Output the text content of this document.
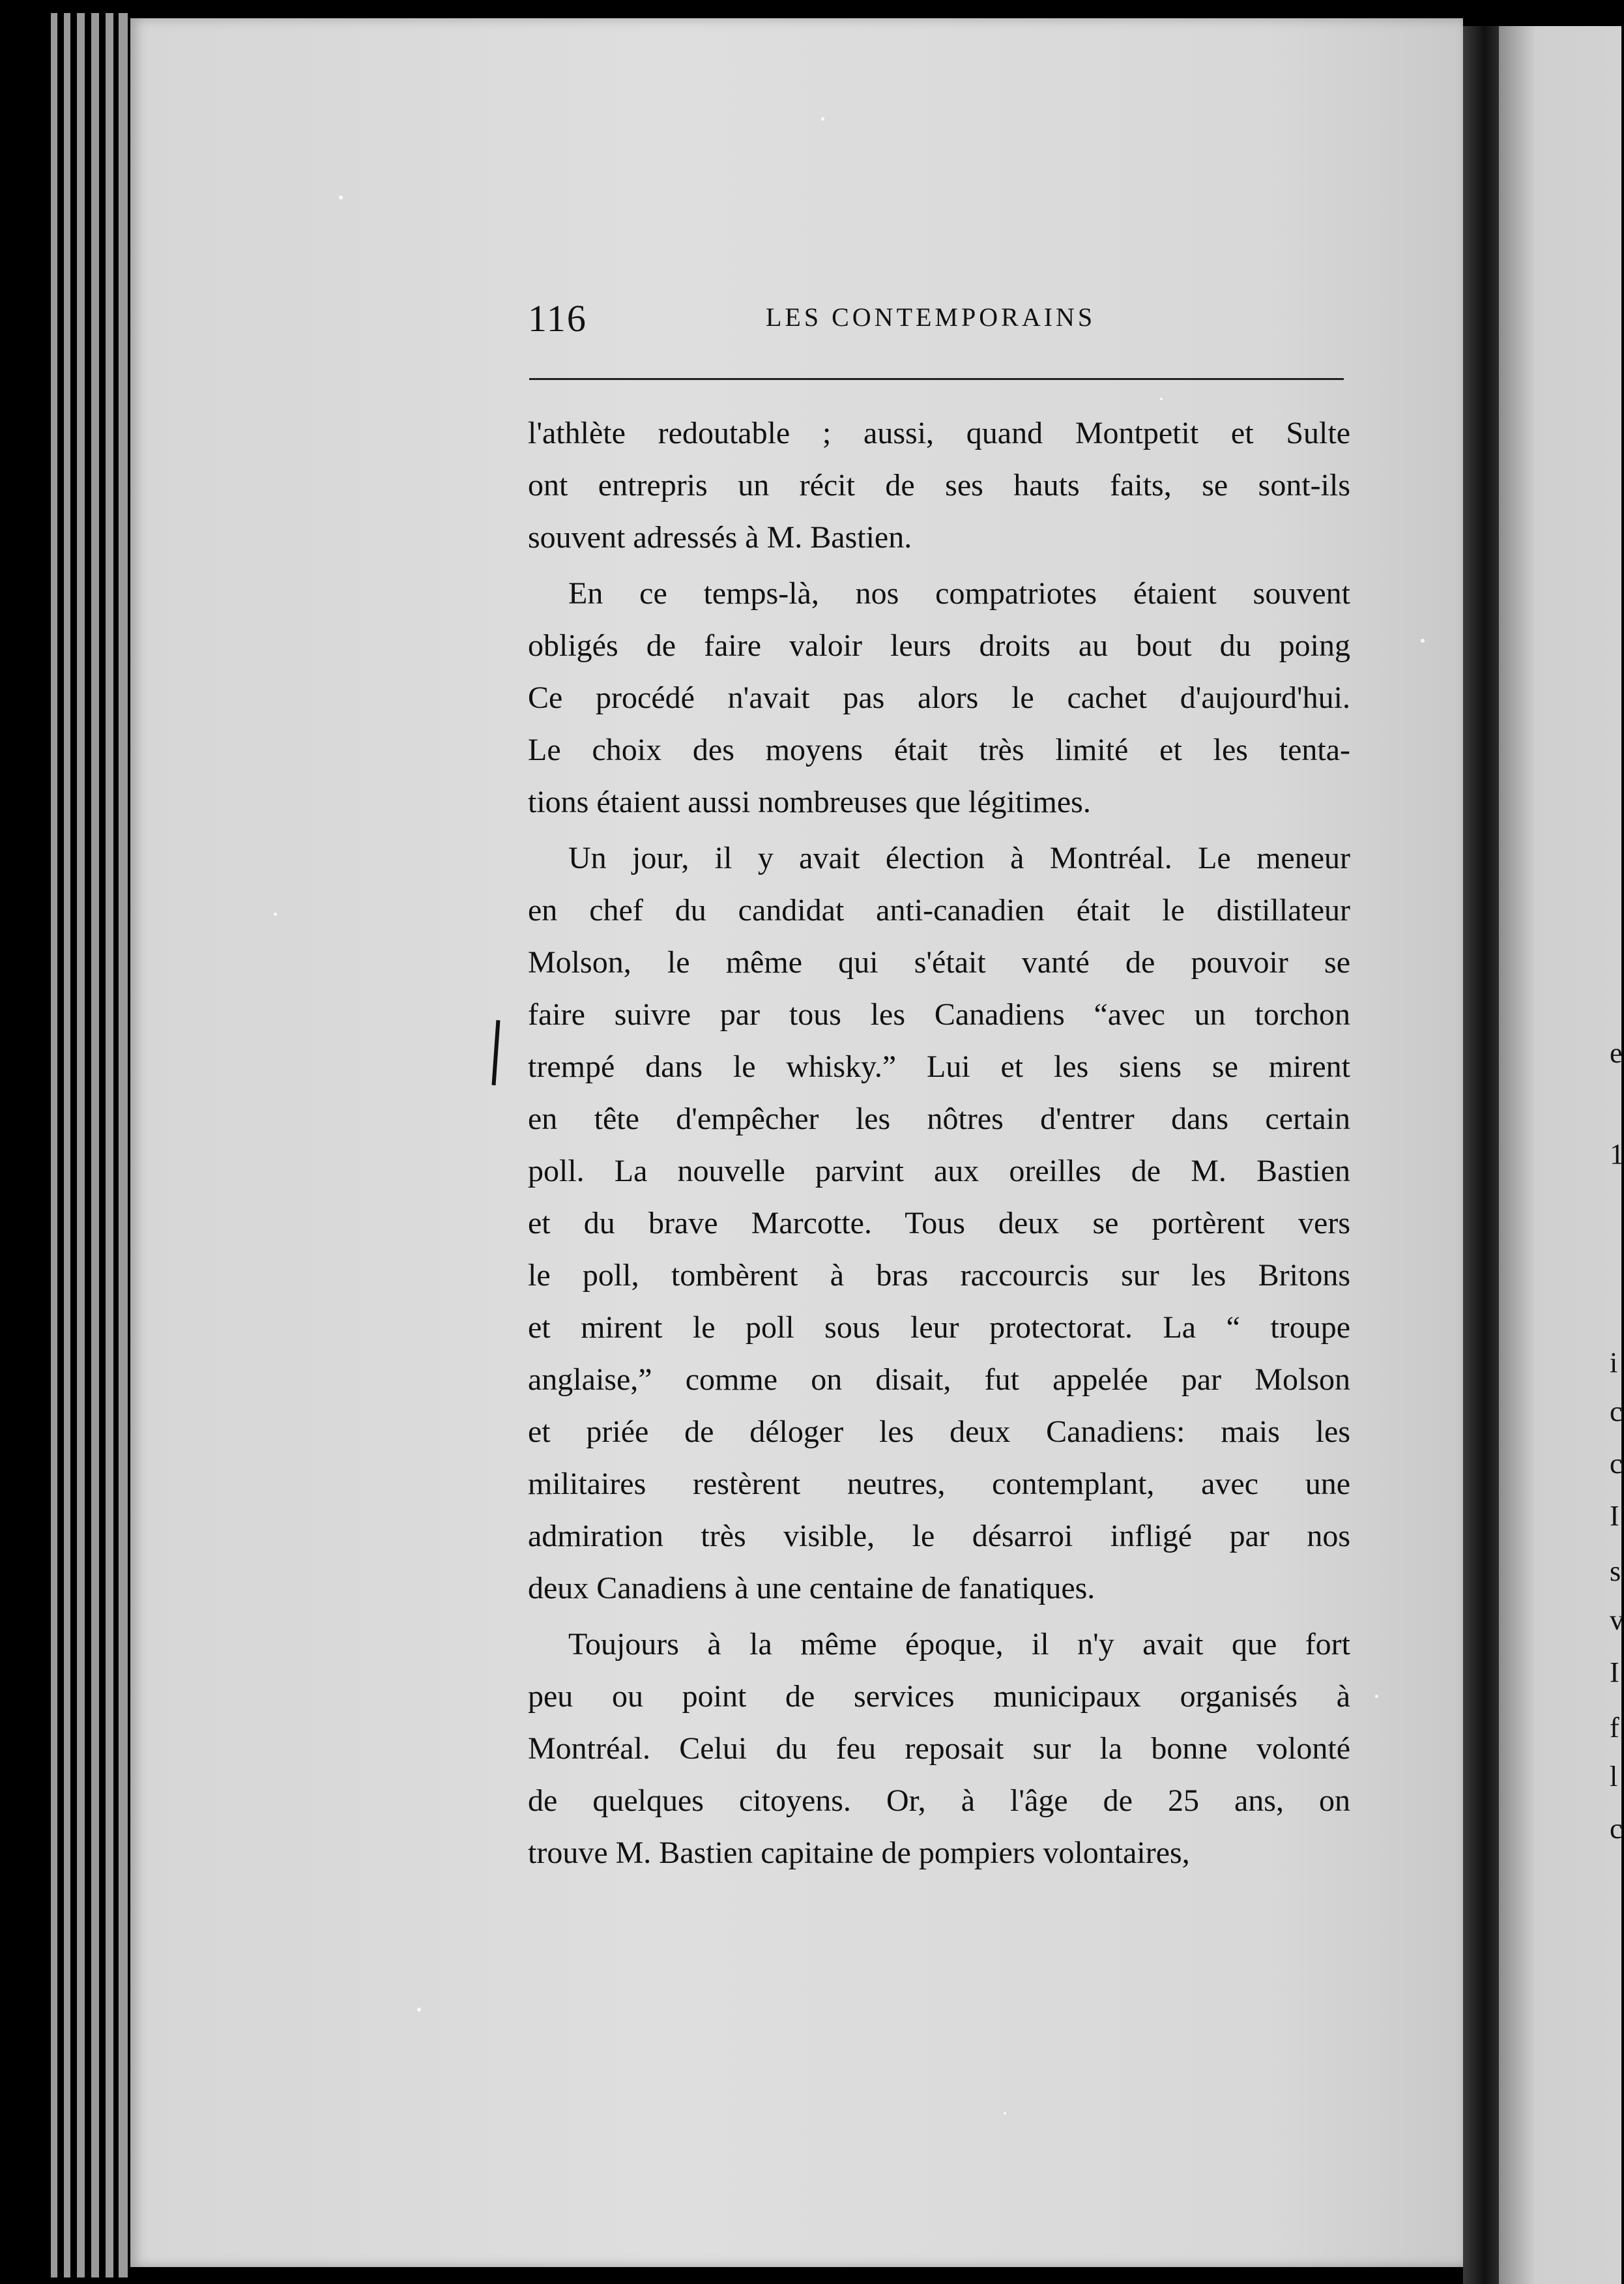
116	LES CONTEMPORAINS
l'athlète redoutable ; aussi, quand Montpetit et Sulte
ont entrepris un récit de ses hauts faits, se sont-ils
souvent adressés à M. Bastien.
En ce temps-là, nos compatriotes étaient souvent
obligés de faire valoir leurs droits au bout du poing
Ce procédé n'avait pas alors le cachet d'aujourd'hui.
Le choix des moyens était très limité et les tenta-
tions étaient aussi nombreuses que légitimes.
Un jour, il y avait élection à Montréal. Le meneur
en chef du candidat anti-canadien était le distillateur
Molson, le même qui s'était vanté de pouvoir se
faire suivre par tous les Canadiens “avec un torchon
trempé dans le whisky.” Lui et les siens se mirent
en tête d'empêcher les nôtres d'entrer dans certain
poll. La nouvelle parvint aux oreilles de M. Bastien
et du brave Marcotte. Tous deux se portèrent vers
le poll, tombèrent à bras raccourcis sur les Britons
et mirent le poll sous leur protectorat. La “ troupe
anglaise,” comme on disait, fut appelée par Molson
et priée de déloger les deux Canadiens: mais les
militaires restèrent neutres, contemplant, avec une
admiration très visible, le désarroi infligé par nos
deux Canadiens à une centaine de fanatiques.
Toujours à la même époque, il n'y avait que fort
peu ou point de services municipaux organisés à
Montréal. Celui du feu reposait sur la bonne volonté
de quelques citoyens. Or, à l'âge de 25 ans, on
trouve M. Bastien capitaine de pompiers volontaires,
e
1
i
c
c
I
s
v
I
f
l
c
